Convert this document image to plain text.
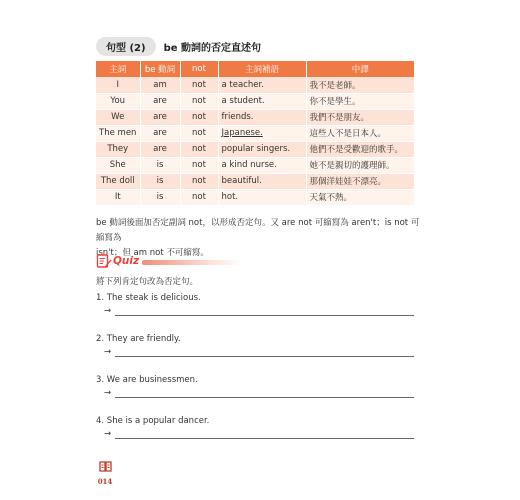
句型 (2)	be 動詞的否定直述句
主詞	be 動詞	not	主詞補語	中譯
I	am	not	a teacher.	我不是老師。
You	are	not	a student.	你不是學生。
We	are	not	friends.	我們不是朋友。
The men	are	not	Japanese.	這些人不是日本人。
They	are	not	popular singers.	他們不是受歡迎的歌手。
She	is	not	a kind nurse.	她不是親切的護理師。
The doll	is	not	beautiful.	那個洋娃娃不漂亮。
It	is	not	hot.	天氣不熱。
be 動詞後面加否定副詞 not，以形成否定句。又 are not 可縮寫為 aren't；is not 可縮寫為
isn't；但 am not 不可縮寫。
Quiz
將下列肯定句改為否定句。
1. The steak is delicious.
→
2. They are friendly.
→
3. We are businessmen.
→
4. She is a popular dancer.
→
014
